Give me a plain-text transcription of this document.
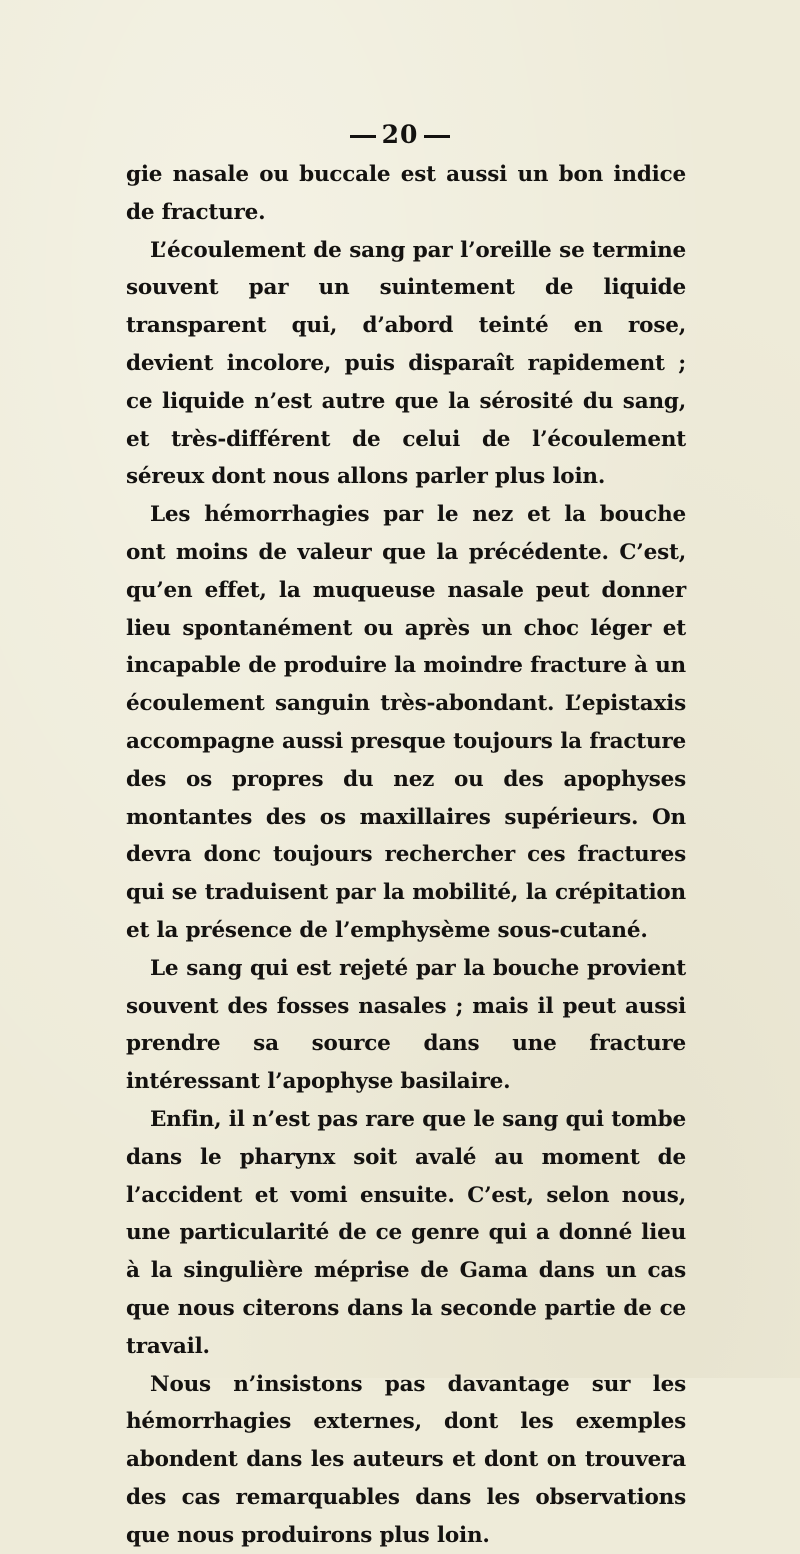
20

gie nasale ou buccale est aussi un bon indice de fracture.

L’écoulement de sang par l’oreille se termine souvent par un suintement de liquide transparent qui, d’abord teinté en rose, devient incolore, puis disparaît rapidement ; ce liquide n’est autre que la sérosité du sang, et très-différent de celui de l’écoulement séreux dont nous allons parler plus loin.

Les hémorrhagies par le nez et la bouche ont moins de valeur que la précédente. C’est, qu’en effet, la muqueuse nasale peut donner lieu spontanément ou après un choc léger et incapable de produire la moindre fracture à un écoulement sanguin très-abondant. L’epistaxis accompagne aussi presque toujours la fracture des os propres du nez ou des apophyses montantes des os maxillaires supérieurs. On devra donc toujours rechercher ces fractures qui se traduisent par la mobilité, la crépitation et la présence de l’emphysème sous-cutané.

Le sang qui est rejeté par la bouche provient souvent des fosses nasales ; mais il peut aussi prendre sa source dans une fracture intéressant l’apophyse basilaire.

Enfin, il n’est pas rare que le sang qui tombe dans le pharynx soit avalé au moment de l’accident et vomi ensuite. C’est, selon nous, une particularité de ce genre qui a donné lieu à la singulière méprise de Gama dans un cas que nous citerons dans la seconde partie de ce travail.

Nous n’insistons pas davantage sur les hémorrhagies externes, dont les exemples abondent dans les auteurs et dont on trouvera des cas remarquables dans les observations que nous produirons plus loin.
